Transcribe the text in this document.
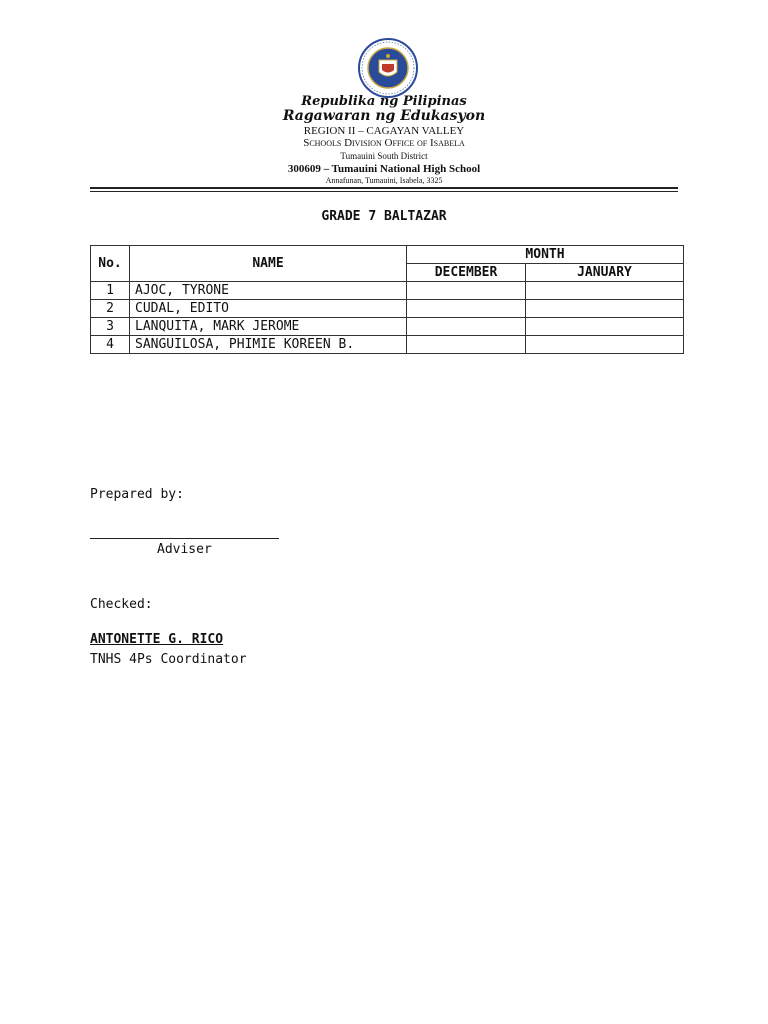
Republika ng Pilipinas
Ragawaran ng Edukasyon
REGION II – CAGAYAN VALLEY
Schools Division Office of Isabela
Tumauini South District
300609 – Tumauini National High School
Annafunan, Tumauini, Isabela, 3325
GRADE 7 BALTAZAR
No.	NAME	MONTH	
		DECEMBER	JANUARY
1	AJOC, TYRONE		
2	CUDAL, EDITO		
3	LANQUITA, MARK JEROME		
4	SANGUILOSA, PHIMIE KOREEN B.		
Prepared by:
Adviser
Checked:
ANTONETTE G. RICO
TNHS 4Ps Coordinator
